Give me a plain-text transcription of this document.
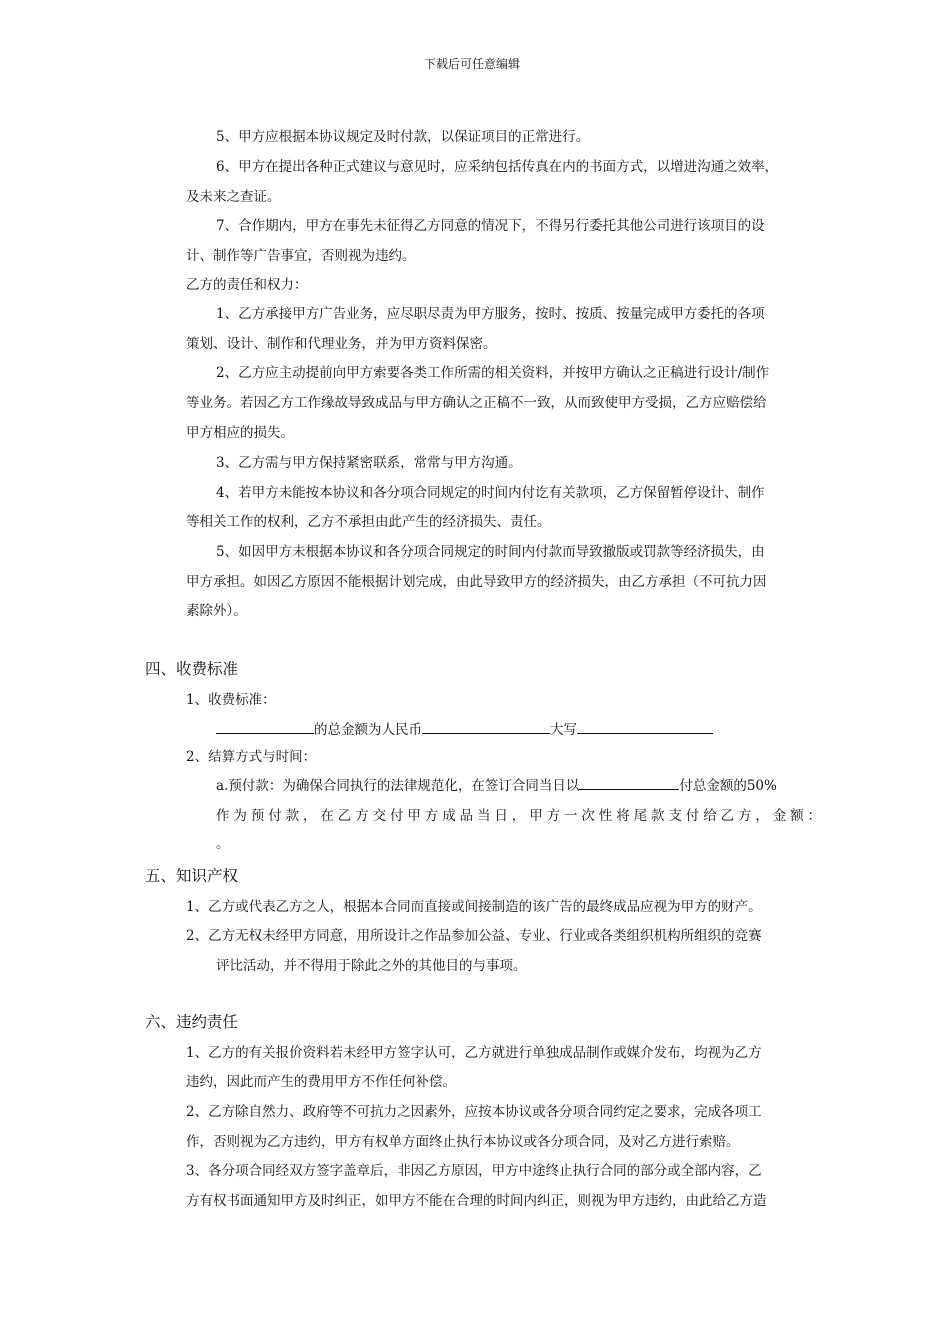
下载后可任意编辑
5、甲方应根据本协议规定及时付款，以保证项目的正常进行。
6、甲方在提出各种正式建议与意见时，应采纳包括传真在内的书面方式，以增进沟通之效率，
及未来之查证。
7、合作期内，甲方在事先未征得乙方同意的情况下，不得另行委托其他公司进行该项目的设
计、制作等广告事宜，否则视为违约。
乙方的责任和权力：
1、乙方承接甲方广告业务，应尽职尽责为甲方服务，按时、按质、按量完成甲方委托的各项
策划、设计、制作和代理业务，并为甲方资料保密。
2、乙方应主动提前向甲方索要各类工作所需的相关资料，并按甲方确认之正稿进行设计/制作
等业务。若因乙方工作缘故导致成品与甲方确认之正稿不一致，从而致使甲方受损，乙方应赔偿给
甲方相应的损失。
3、乙方需与甲方保持紧密联系，常常与甲方沟通。
4、若甲方未能按本协议和各分项合同规定的时间内付讫有关款项，乙方保留暂停设计、制作
等相关工作的权利，乙方不承担由此产生的经济损失、责任。
5、如因甲方未根据本协议和各分项合同规定的时间内付款而导致撤版或罚款等经济损失，由
甲方承担。如因乙方原因不能根据计划完成，由此导致甲方的经济损失，由乙方承担（不可抗力因
素除外）。
四、收费标准
1、收费标准：
的总金额为人民币	大写
2、结算方式与时间：
a.预付款：为确保合同执行的法律规范化，在签订合同当日以	付总金额的50%
作为预付款，在乙方交付甲方成品当日，甲方一次性将尾款支付给乙方，金额：
。
五、知识产权
1、乙方或代表乙方之人，根据本合同而直接或间接制造的该广告的最终成品应视为甲方的财产。
2、乙方无权未经甲方同意，用所设计之作品参加公益、专业、行业或各类组织机构所组织的竞赛
评比活动，并不得用于除此之外的其他目的与事项。
六、违约责任
1、乙方的有关报价资料若未经甲方签字认可，乙方就进行单独成品制作或媒介发布，均视为乙方
违约，因此而产生的费用甲方不作任何补偿。
2、乙方除自然力、政府等不可抗力之因素外，应按本协议或各分项合同约定之要求，完成各项工
作，否则视为乙方违约，甲方有权单方面终止执行本协议或各分项合同，及对乙方进行索赔。
3、各分项合同经双方签字盖章后，非因乙方原因，甲方中途终止执行合同的部分或全部内容，乙
方有权书面通知甲方及时纠正，如甲方不能在合理的时间内纠正，则视为甲方违约，由此给乙方造
